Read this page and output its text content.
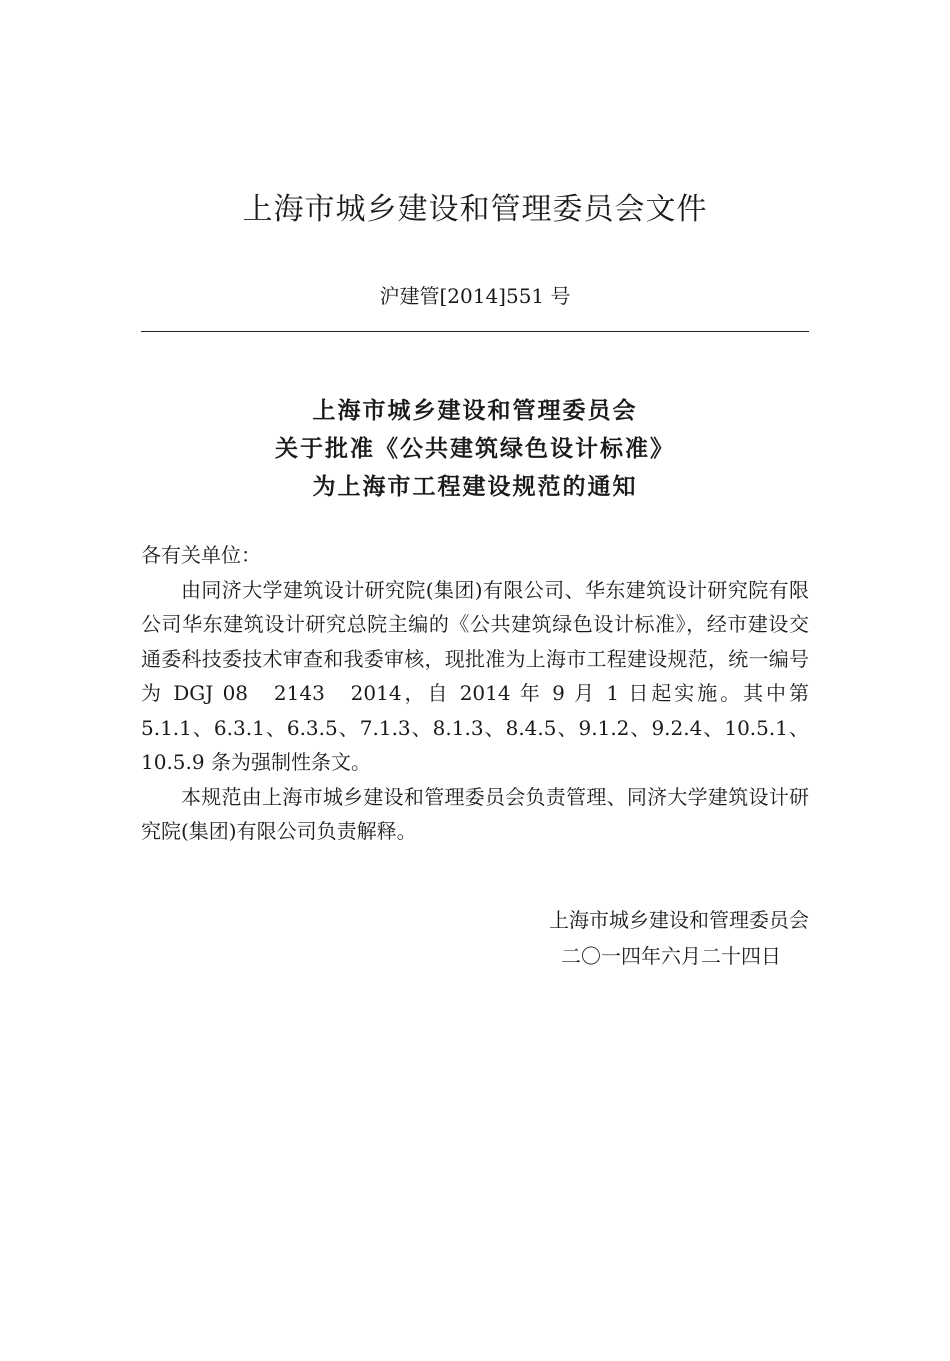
上海市城乡建设和管理委员会文件
沪建管[2014]551 号
上海市城乡建设和管理委员会
关于批准《公共建筑绿色设计标准》
为上海市工程建设规范的通知
各有关单位：

由同济大学建筑设计研究院(集团)有限公司、华东建筑设计研究院有限公司华东建筑设计研究总院主编的《公共建筑绿色设计标准》，经市建设交通委科技委技术审查和我委审核，现批准为上海市工程建设规范，统一编号为 DGJ 08　2143　2014，自 2014 年 9 月 1 日起实施。其中第 5.1.1、6.3.1、6.3.5、7.1.3、8.1.3、8.4.5、9.1.2、9.2.4、10.5.1、10.5.9 条为强制性条文。

本规范由上海市城乡建设和管理委员会负责管理、同济大学建筑设计研究院(集团)有限公司负责解释。

上海市城乡建设和管理委员会
二〇一四年六月二十四日
